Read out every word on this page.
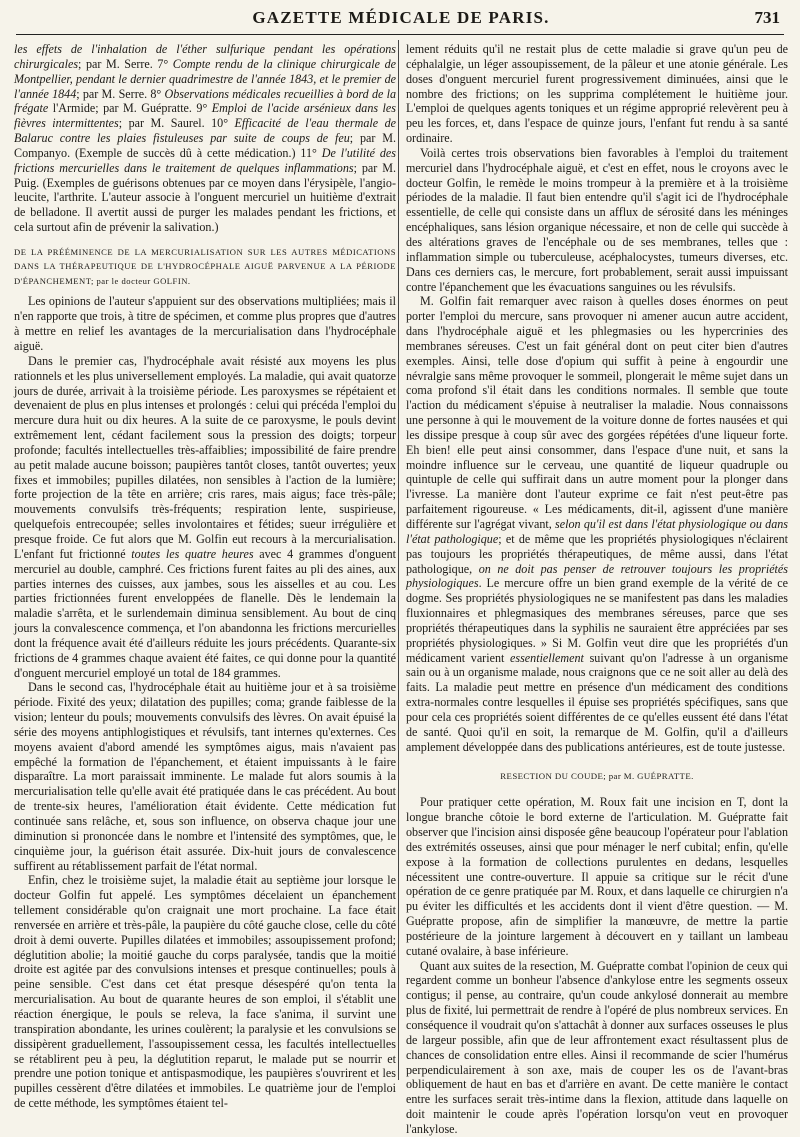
GAZETTE MÉDICALE DE PARIS.	731

les effets de l'inhalation de l'éther sulfurique pendant les opérations chirurgicales; par M. Serre. 7° Compte rendu de la clinique chirurgicale de Montpellier, pendant le dernier quadrimestre de l'année 1843, et le premier de l'année 1844; par M. Serre. 8° Observations médicales recueillies à bord de la frégate l'Armide; par M. Guépratte. 9° Emploi de l'acide arsénieux dans les fièvres intermittentes; par M. Saurel. 10° Efficacité de l'eau thermale de Balaruc contre les plaies fistuleuses par suite de coups de feu; par M. Companyo. (Exemple de succès dû à cette médication.) 11° De l'utilité des frictions mercurielles dans le traitement de quelques inflammations; par M. Puig. (Exemples de guérisons obtenues par ce moyen dans l'érysipèle, l'angio-leucite, l'arthrite. L'auteur associe à l'onguent mercuriel un huitième d'extrait de belladone. Il avertit aussi de purger les malades pendant les frictions, et cela surtout afin de prévenir la salivation.)

DE LA PRÉÉMINENCE DE LA MERCURIALISATION SUR LES AUTRES MÉDICATIONS DANS LA THÉRAPEUTIQUE DE L'HYDROCÉPHALE AIGUË PARVENUE A LA PÉRIODE D'ÉPANCHEMENT; par le docteur GOLFIN.

Les opinions de l'auteur s'appuient sur des observations multipliées; mais il n'en rapporte que trois, à titre de spécimen, et comme plus propres que d'autres à mettre en relief les avantages de la mercurialisation dans l'hydrocéphale aiguë.

Dans le premier cas, l'hydrocéphale avait résisté aux moyens les plus rationnels et les plus universellement employés. La maladie, qui avait quatorze jours de durée, arrivait à la troisième période. Les paroxysmes se répétaient et devenaient de plus en plus intenses et prolongés : celui qui précéda l'emploi du mercure dura huit ou dix heures. A la suite de ce paroxysme, le pouls devint extrêmement lent, cédant facilement sous la pression des doigts; torpeur profonde; facultés intellectuelles très-affaiblies; impossibilité de faire prendre au petit malade aucune boisson; paupières tantôt closes, tantôt ouvertes; yeux fixes et immobiles; pupilles dilatées, non sensibles à l'action de la lumière; forte projection de la tête en arrière; cris rares, mais aigus; face très-pâle; mouvements convulsifs très-fréquents; respiration lente, suspirieuse, quelquefois entrecoupée; selles involontaires et fétides; sueur irrégulière et presque froide. Ce fut alors que M. Golfin eut recours à la mercurialisation. L'enfant fut frictionné toutes les quatre heures avec 4 grammes d'onguent mercuriel au double, camphré. Ces frictions furent faites au pli des aines, aux parties internes des cuisses, aux jambes, sous les aisselles et au cou. Les parties frictionnées furent enveloppées de flanelle. Dès le lendemain la maladie s'arrêta, et le surlendemain diminua sensiblement. Au bout de cinq jours la convalescence commença, et l'on abandonna les frictions mercurielles dont la fréquence avait été d'ailleurs réduite les jours précédents. Quarante-six frictions de 4 grammes chaque avaient été faites, ce qui donne pour la quantité d'onguent mercuriel employé un total de 184 grammes.

Dans le second cas, l'hydrocéphale était au huitième jour et à sa troisième période. Fixité des yeux; dilatation des pupilles; coma; grande faiblesse de la vision; lenteur du pouls; mouvements convulsifs des lèvres. On avait épuisé la série des moyens antiphlogistiques et révulsifs, tant internes qu'externes. Ces moyens avaient d'abord amendé les symptômes aigus, mais n'avaient pas empêché la formation de l'épanchement, et étaient impuissants à le faire disparaître. La mort paraissait imminente. Le malade fut alors soumis à la mercurialisation telle qu'elle avait été pratiquée dans le cas précédent. Au bout de trente-six heures, l'amélioration était évidente. Cette médication fut continuée sans relâche, et, sous son influence, on observa chaque jour une diminution si prononcée dans le nombre et l'intensité des symptômes, que, le cinquième jour, la guérison était assurée. Dix-huit jours de convalescence suffirent au rétablissement parfait de l'état normal.

Enfin, chez le troisième sujet, la maladie était au septième jour lorsque le docteur Golfin fut appelé. Les symptômes décelaient un épanchement tellement considérable qu'on craignait une mort prochaine. La face était renversée en arrière et très-pâle, la paupière du côté gauche close, celle du côté droit à demi ouverte. Pupilles dilatées et immobiles; assoupissement profond; déglutition abolie; la moitié gauche du corps paralysée, tandis que la moitié droite est agitée par des convulsions intenses et presque continuelles; pouls à peine sensible. C'est dans cet état presque désespéré qu'on tenta la mercurialisation. Au bout de quarante heures de son emploi, il s'établit une réaction énergique, le pouls se releva, la face s'anima, il survint une transpiration abondante, les urines coulèrent; la paralysie et les convulsions se dissipèrent graduellement, l'assoupissement cessa, les facultés intellectuelles se rétablirent peu à peu, la déglutition reparut, le malade put se nourrir et prendre une potion tonique et antispasmodique, les paupières s'ouvrirent et les pupilles cessèrent d'être dilatées et immobiles. Le quatrième jour de l'emploi de cette méthode, les symptômes étaient tel-

lement réduits qu'il ne restait plus de cette maladie si grave qu'un peu de céphalalgie, un léger assoupissement, de la pâleur et une atonie générale. Les doses d'onguent mercuriel furent progressivement diminuées, ainsi que le nombre des frictions; on les supprima complétement le huitième jour. L'emploi de quelques agents toniques et un régime approprié relevèrent peu à peu les forces, et, dans l'espace de quinze jours, l'enfant fut rendu à sa santé ordinaire.

Voilà certes trois observations bien favorables à l'emploi du traitement mercuriel dans l'hydrocéphale aiguë, et c'est en effet, nous le croyons avec le docteur Golfin, le remède le moins trompeur à la première et à la troisième périodes de la maladie. Il faut bien entendre qu'il s'agit ici de l'hydrocéphale essentielle, de celle qui consiste dans un afflux de sérosité dans les méninges encéphaliques, sans lésion organique nécessaire, et non de celle qui succède à des altérations graves de l'encéphale ou de ses membranes, telles que : inflammation simple ou tuberculeuse, acéphalocystes, tumeurs diverses, etc. Dans ces derniers cas, le mercure, fort probablement, serait aussi impuissant contre l'épanchement que les évacuations sanguines ou les révulsifs.

M. Golfin fait remarquer avec raison à quelles doses énormes on peut porter l'emploi du mercure, sans provoquer ni amener aucun autre accident, dans l'hydrocéphale aiguë et les phlegmasies ou les hypercrinies des membranes séreuses. C'est un fait général dont on peut citer bien d'autres exemples. Ainsi, telle dose d'opium qui suffit à peine à engourdir une névralgie sans même provoquer le sommeil, plongerait le même sujet dans un coma profond s'il était dans les conditions normales. Il semble que toute l'action du médicament s'épuise à neutraliser la maladie. Nous connaissons une personne à qui le mouvement de la voiture donne de fortes nausées et qui les dissipe presque à coup sûr avec des gorgées répétées d'une liqueur forte. Eh bien! elle peut ainsi consommer, dans l'espace d'une nuit, et sans la moindre influence sur le cerveau, une quantité de liqueur quadruple ou quintuple de celle qui suffirait dans un autre moment pour la plonger dans l'ivresse. La manière dont l'auteur exprime ce fait n'est peut-être pas parfaitement rigoureuse. « Les médicaments, dit-il, agissent d'une manière différente sur l'agrégat vivant, selon qu'il est dans l'état physiologique ou dans l'état pathologique; et de même que les propriétés physiologiques n'éclairent pas toujours les propriétés thérapeutiques, de même aussi, dans l'état pathologique, on ne doit pas penser de retrouver toujours les propriétés physiologiques. Le mercure offre un bien grand exemple de la vérité de ce dogme. Ses propriétés physiologiques ne se manifestent pas dans les maladies fluxionnaires et phlegmasiques des membranes séreuses, parce que ses propriétés thérapeutiques dans la syphilis ne sauraient être appréciées par ses propriétés physiologiques. » Si M. Golfin veut dire que les propriétés d'un médicament varient essentiellement suivant qu'on l'adresse à un organisme sain ou à un organisme malade, nous craignons que ce ne soit aller au delà des faits. La maladie peut mettre en présence d'un médicament des conditions extra-normales contre lesquelles il épuise ses propriétés spécifiques, sans que pour cela ces propriétés soient différentes de ce qu'elles eussent été dans l'état de santé. Quoi qu'il en soit, la remarque de M. Golfin, qu'il a d'ailleurs amplement développée dans des publications antérieures, est de toute justesse.

RESECTION DU COUDE; par M. GUÉPRATTE.

Pour pratiquer cette opération, M. Roux fait une incision en T, dont la longue branche côtoie le bord externe de l'articulation. M. Guépratte fait observer que l'incision ainsi disposée gêne beaucoup l'opérateur pour l'ablation des extrémités osseuses, ainsi que pour ménager le nerf cubital; enfin, qu'elle expose à la formation de collections purulentes en dedans, lesquelles nécessitent une contre-ouverture. Il appuie sa critique sur le récit d'une opération de ce genre pratiquée par M. Roux, et dans laquelle ce chirurgien n'a pu éviter les difficultés et les accidents dont il vient d'être question. — M. Guépratte propose, afin de simplifier la manœuvre, de mettre la partie postérieure de la jointure largement à découvert en y taillant un lambeau cutané ovalaire, à base inférieure.

Quant aux suites de la resection, M. Guépratte combat l'opinion de ceux qui regardent comme un bonheur l'absence d'ankylose entre les segments osseux contigus; il pense, au contraire, qu'un coude ankylosé donnerait au membre plus de fixité, lui permettrait de rendre à l'opéré de plus nombreux services. En conséquence il voudrait qu'on s'attachât à donner aux surfaces osseuses le plus de largeur possible, afin que de leur affrontement exact résultassent plus de chances de consolidation entre elles. Ainsi il recommande de scier l'humérus perpendiculairement à son axe, mais de couper les os de l'avant-bras obliquement de haut en bas et d'arrière en avant. De cette manière le contact entre les surfaces serait très-intime dans la flexion, attitude dans laquelle on doit maintenir le coude après l'opération lorsqu'on veut en provoquer l'ankylose.
